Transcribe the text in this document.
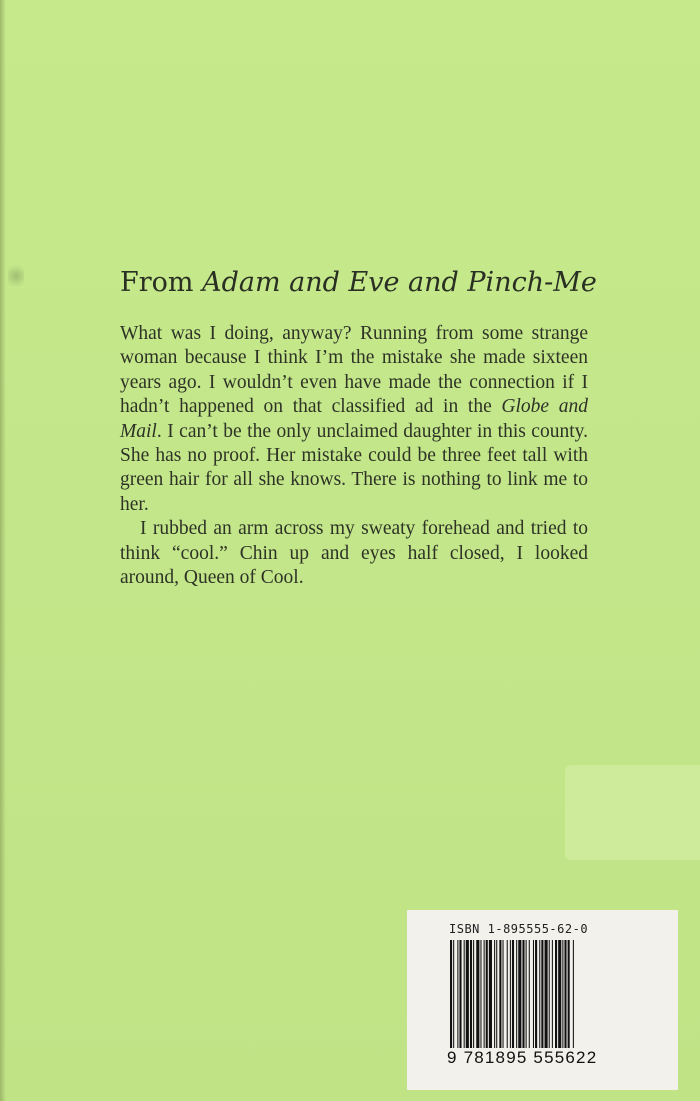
From Adam and Eve and Pinch-Me

What was I doing, anyway? Running from some strange woman because I think I’m the mistake she made sixteen years ago. I wouldn’t even have made the connection if I hadn’t happened on that classified ad in the Globe and Mail. I can’t be the only unclaimed daughter in this county. She has no proof. Her mistake could be three feet tall with green hair for all she knows. There is nothing to link me to her.

I rubbed an arm across my sweaty forehead and tried to think “cool.” Chin up and eyes half closed, I looked around, Queen of Cool.

ISBN 1-895555-62-0
9 781895 555622
